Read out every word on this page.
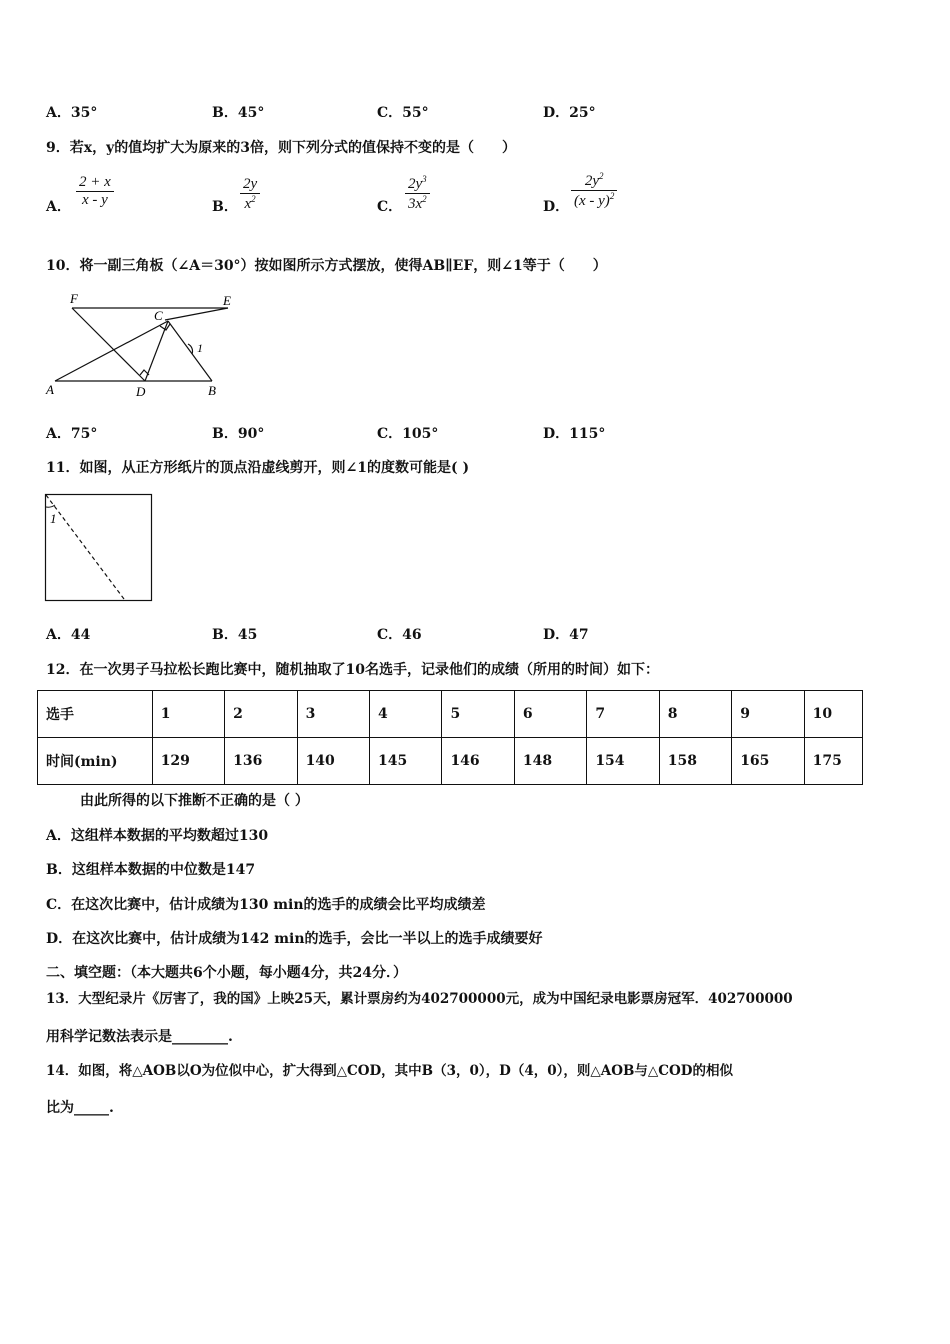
A．35°	B．45°	C．55°	D．25°
9．若x，y的值均扩大为原来的3倍，则下列分式的值保持不变的是（　　）
A． $\frac{2 + x}{x - y}$	B． $\frac{2y}{x^2}$	C． $\frac{2y^3}{3x^2}$	D． $\frac{2y^2}{(x - y)^2}$
10．将一副三角板（∠A＝30°）按如图所示方式摆放，使得AB∥EF，则∠1等于（　　）
F	E
C
1
A	D	B
A．75°	B．90°	C．105°	D．115°
11．如图，从正方形纸片的顶点沿虚线剪开，则∠1的度数可能是( )
1
A．44	B．45	C．46	D．47
12．在一次男子马拉松长跑比赛中，随机抽取了10名选手，记录他们的成绩（所用的时间）如下：
选手	1	2	3	4	5	6	7	8	9	10
时间(min)	129	136	140	145	146	148	154	158	165	175
由此所得的以下推断不正确的是（ ）
A．这组样本数据的平均数超过130
B．这组样本数据的中位数是147
C．在这次比赛中，估计成绩为130 min的选手的成绩会比平均成绩差
D．在这次比赛中，估计成绩为142 min的选手，会比一半以上的选手成绩要好
二、填空题：（本大题共6个小题，每小题4分，共24分．）
13．大型纪录片《厉害了，我的国》上映25天，累计票房约为402700000元，成为中国纪录电影票房冠军．402700000
用科学记数法表示是________.
14．如图，将△AOB以O为位似中心，扩大得到△COD，其中B（3，0），D（4，0），则△AOB与△COD的相似
比为_____.
